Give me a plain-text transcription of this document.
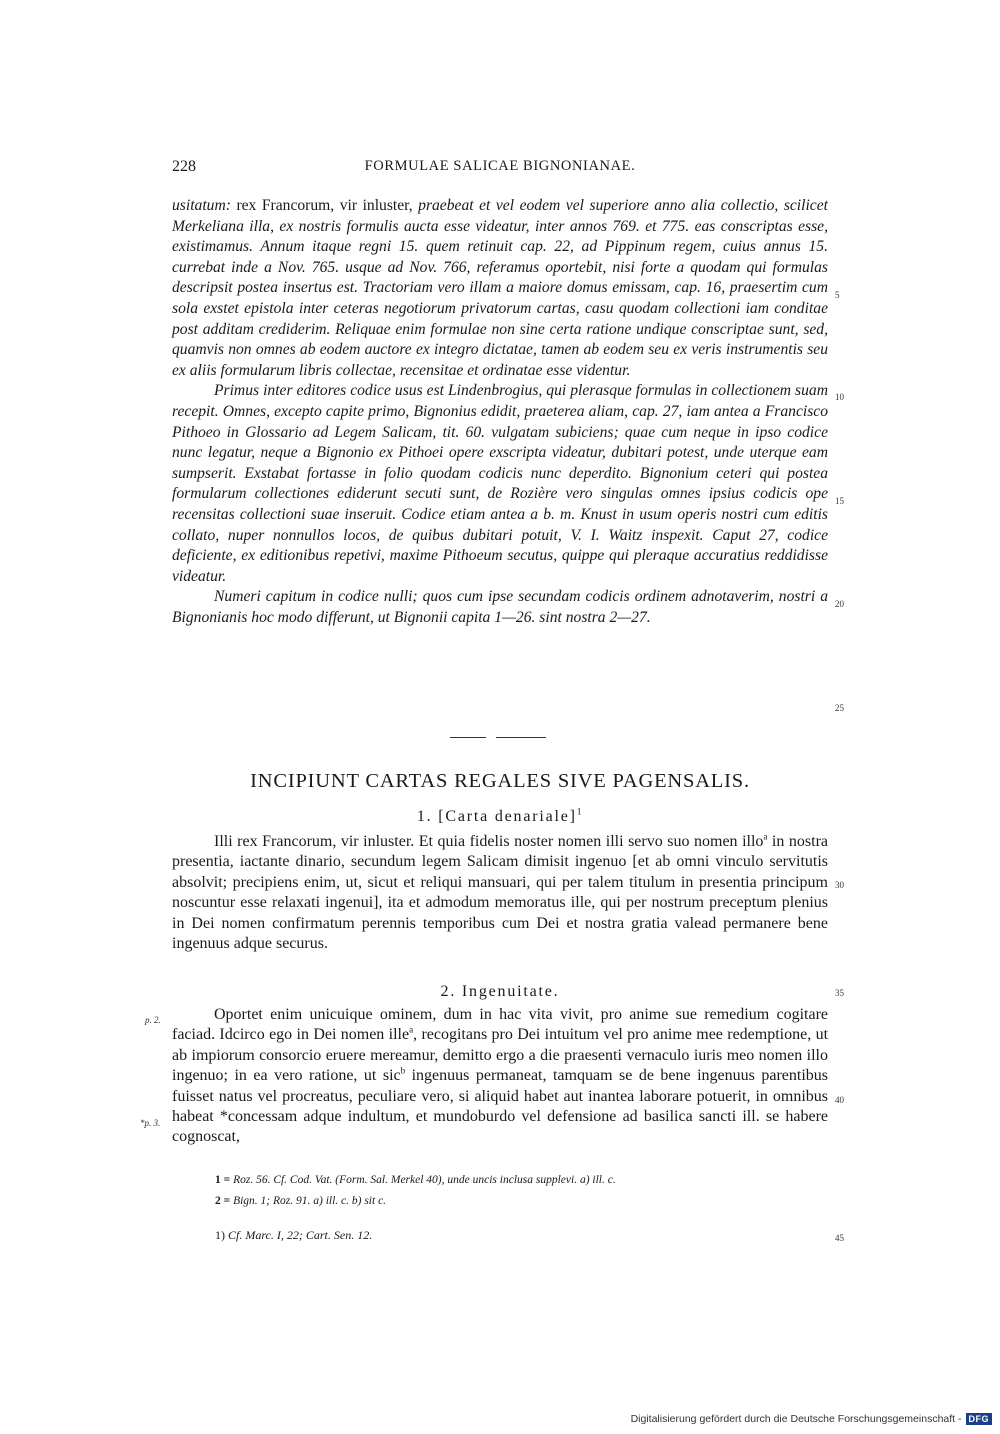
228	FORMULAE SALICAE BIGNONIANAE.

usitatum: rex Francorum, vir inluster, praebeat et vel eodem vel superiore anno alia collectio, scilicet Merkeliana illa, ex nostris formulis aucta esse videatur, inter annos 769. et 775. eas conscriptas esse, existimamus. Annum itaque regni 15. quem retinuit cap. 22, ad Pippinum regem, cuius annus 15. currebat inde a Nov. 765. usque ad Nov. 766, referamus oportebit, nisi forte a quodam qui formulas descripsit postea insertus est. Tractoriam vero illam a maiore domus emissam, cap. 16, praesertim cum sola exstet epistola inter ceteras negotiorum privatorum cartas, casu quodam collectioni iam conditae post additam crediderim. Reliquae enim formulae non sine certa ratione undique conscriptae sunt, sed, quamvis non omnes ab eodem auctore ex integro dictatae, tamen ab eodem seu ex veris instrumentis seu ex aliis formularum libris collectae, recensitae et ordinatae esse videntur.

Primus inter editores codice usus est Lindenbrogius, qui plerasque formulas in collectionem suam recepit. Omnes, excepto capite primo, Bignonius edidit, praeterea aliam, cap. 27, iam antea a Francisco Pithoeo in Glossario ad Legem Salicam, tit. 60. vulgatam subiciens; quae cum neque in ipso codice nunc legatur, neque a Bignonio ex Pithoei opere exscripta videatur, dubitari potest, unde uterque eam sumpserit. Exstabat fortasse in folio quodam codicis nunc deperdito. Bignonium ceteri qui postea formularum collectiones ediderunt secuti sunt, de Rozière vero singulas omnes ipsius codicis ope recensitas collectioni suae inseruit. Codice etiam antea a b. m. Knust in usum operis nostri cum editis collato, nuper nonnullos locos, de quibus dubitari potuit, V. I. Waitz inspexit. Caput 27, codice deficiente, ex editionibus repetivi, maxime Pithoeum secutus, quippe qui pleraque accuratius reddidisse videatur.

Numeri capitum in codice nulli; quos cum ipse secundam codicis ordinem adnotaverim, nostri a Bignonianis hoc modo differunt, ut Bignonii capita 1—26. sint nostra 2—27.

5
10
15
20
25
INCIPIUNT CARTAS REGALES SIVE PAGENSALIS.
1. [Carta denariale]$^1$

Illi rex Francorum, vir inluster. Et quia fidelis noster nomen illi servo suo nomen illo$^a$ in nostra presentia, iactante dinario, secundum legem Salicam dimisit ingenuo [et ab omni vinculo servitutis absolvit; precipiens enim, ut, sicut et reliqui mansuari, qui per talem titulum in presentia principum noscuntur esse relaxati ingenui], ita et admodum memoratus ille, qui per nostrum preceptum plenius in Dei nomen confirmatum perennis temporibus cum Dei et nostra gratia valead permanere bene ingenuus adque securus.

30
2. Ingenuitate.	35
p. 2.
*p. 3.

Oportet enim unicuique ominem, dum in hac vita vivit, pro anime sue remedium cogitare faciad. Idcirco ego in Dei nomen ille$^a$, recogitans pro Dei intuitum vel pro anime mee redemptione, ut ab impiorum consorcio eruere mereamur, demitto ergo a die praesenti vernaculo iuris meo nomen illo ingenuo; in ea vero ratione, ut sic$^b$ ingenuus permaneat, tamquam se de bene ingenuus parentibus fuisset natus vel procreatus, peculiare vero, si aliquid habet aut inantea laborare potuerit, in omnibus habeat *concessam adque indultum, et mundoburdo vel defensione ad basilica sancti ill. se habere cognoscat,

40
1 = Roz. 56. Cf. Cod. Vat. (Form. Sal. Merkel 40), unde uncis inclusa supplevi. a) ill. c.
2 = Bign. 1; Roz. 91. a) ill. c. b) sit c.
1) Cf. Marc. I, 22; Cart. Sen. 12.	45
Digitalisierung gefördert durch die Deutsche Forschungsgemeinschaft - DFG
